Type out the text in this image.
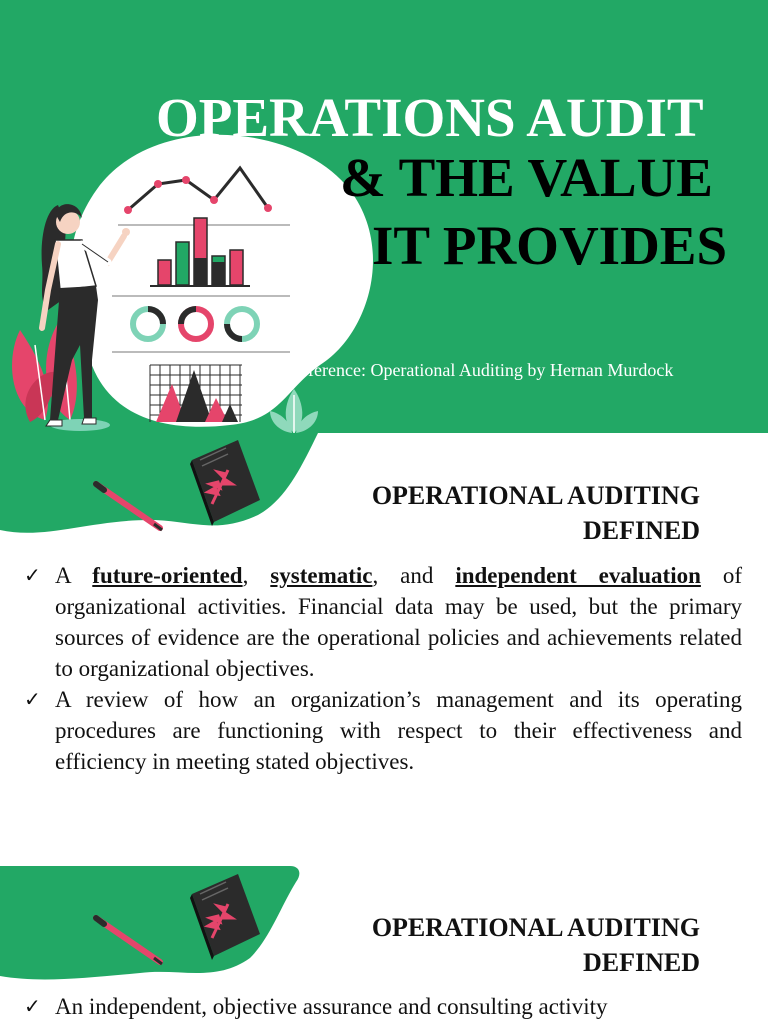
OPERATIONS AUDIT
& THE VALUE
IT PROVIDES
Reference: Operational Auditing by Hernan Murdock
OPERATIONAL AUDITING
DEFINED
✓ A future-oriented, systematic, and independent evaluation of organizational activities. Financial data may be used, but the primary sources of evidence are the operational policies and achievements related to organizational objectives.
✓ A review of how an organization’s management and its operating procedures are functioning with respect to their effectiveness and efficiency in meeting stated objectives.
OPERATIONAL AUDITING
DEFINED
✓ An independent, objective assurance and consulting activity
